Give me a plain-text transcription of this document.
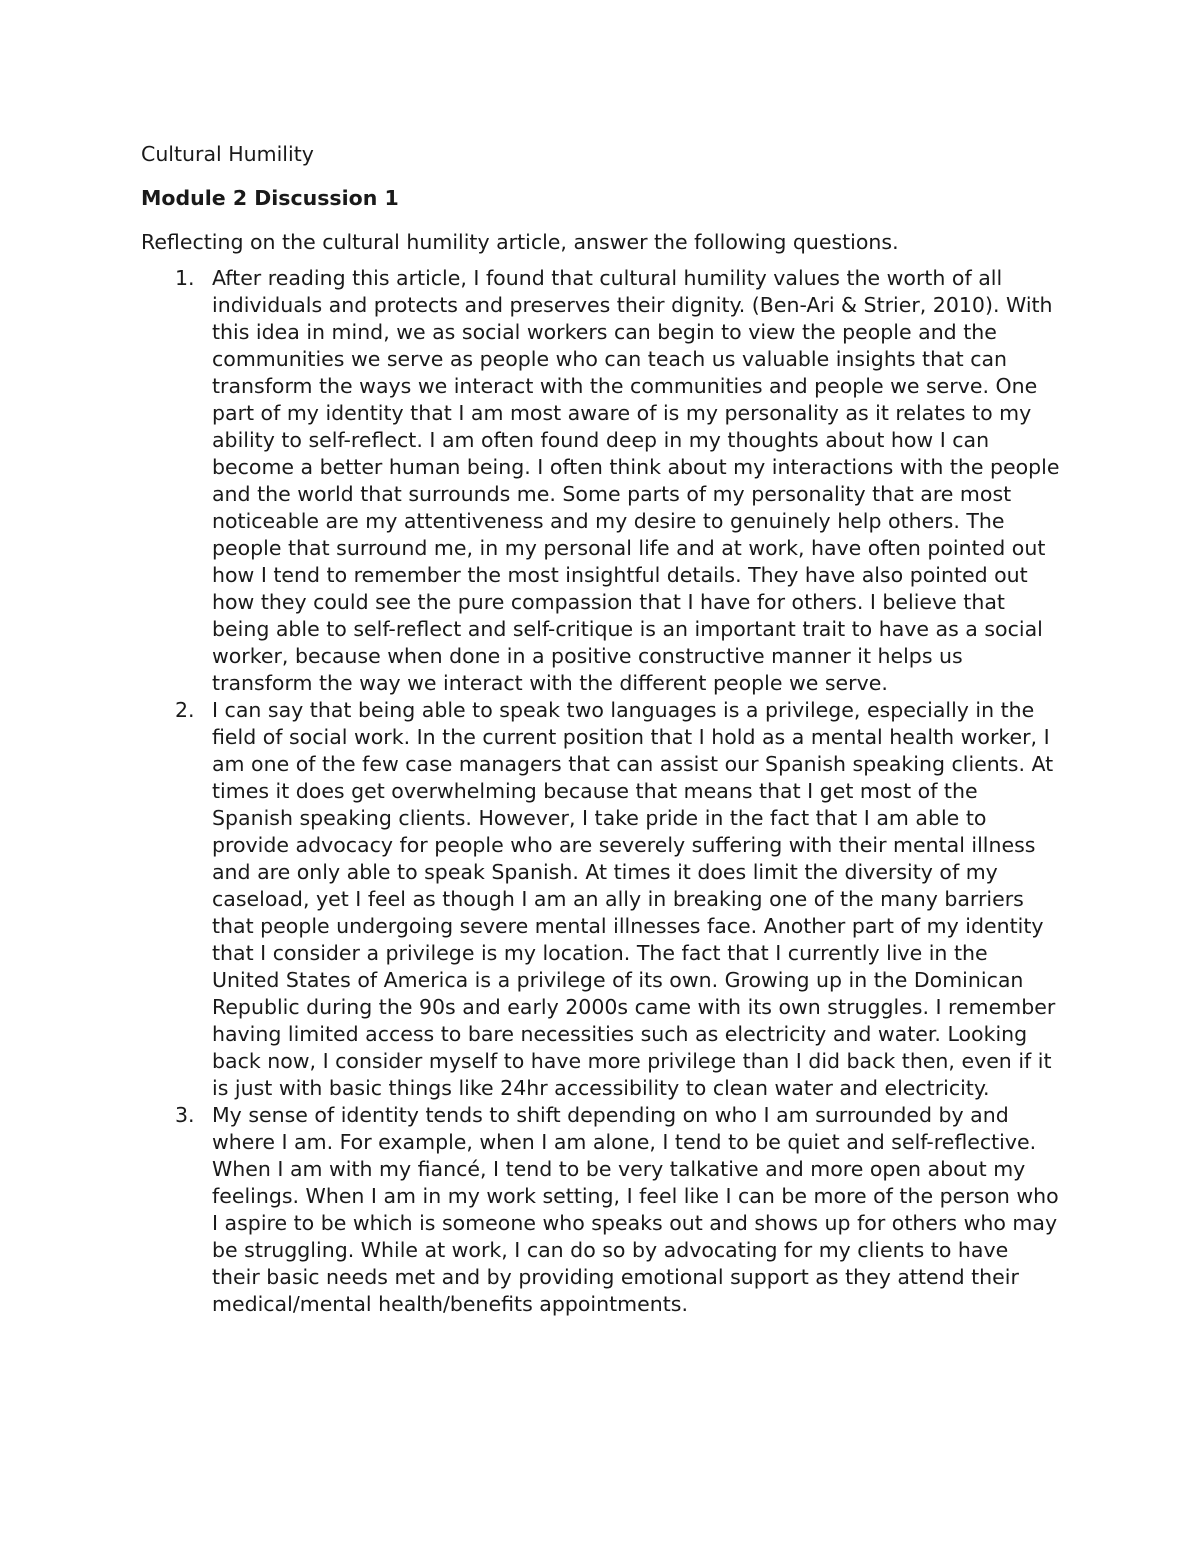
Cultural Humility
Module 2 Discussion 1
Reflecting on the cultural humility article, answer the following questions.
1. After reading this article, I found that cultural humility values the worth of all individuals and protects and preserves their dignity. (Ben-Ari & Strier, 2010). With this idea in mind, we as social workers can begin to view the people and the communities we serve as people who can teach us valuable insights that can transform the ways we interact with the communities and people we serve. One part of my identity that I am most aware of is my personality as it relates to my ability to self-reflect. I am often found deep in my thoughts about how I can become a better human being. I often think about my interactions with the people and the world that surrounds me. Some parts of my personality that are most noticeable are my attentiveness and my desire to genuinely help others. The people that surround me, in my personal life and at work, have often pointed out how I tend to remember the most insightful details. They have also pointed out how they could see the pure compassion that I have for others. I believe that being able to self-reflect and self-critique is an important trait to have as a social worker, because when done in a positive constructive manner it helps us transform the way we interact with the different people we serve.
2. I can say that being able to speak two languages is a privilege, especially in the field of social work. In the current position that I hold as a mental health worker, I am one of the few case managers that can assist our Spanish speaking clients. At times it does get overwhelming because that means that I get most of the Spanish speaking clients. However, I take pride in the fact that I am able to provide advocacy for people who are severely suffering with their mental illness and are only able to speak Spanish. At times it does limit the diversity of my caseload, yet I feel as though I am an ally in breaking one of the many barriers that people undergoing severe mental illnesses face. Another part of my identity that I consider a privilege is my location. The fact that I currently live in the United States of America is a privilege of its own. Growing up in the Dominican Republic during the 90s and early 2000s came with its own struggles. I remember having limited access to bare necessities such as electricity and water. Looking back now, I consider myself to have more privilege than I did back then, even if it is just with basic things like 24hr accessibility to clean water and electricity.
3. My sense of identity tends to shift depending on who I am surrounded by and where I am. For example, when I am alone, I tend to be quiet and self-reflective. When I am with my fiancé, I tend to be very talkative and more open about my feelings. When I am in my work setting, I feel like I can be more of the person who I aspire to be which is someone who speaks out and shows up for others who may be struggling. While at work, I can do so by advocating for my clients to have their basic needs met and by providing emotional support as they attend their medical/mental health/benefits appointments.
